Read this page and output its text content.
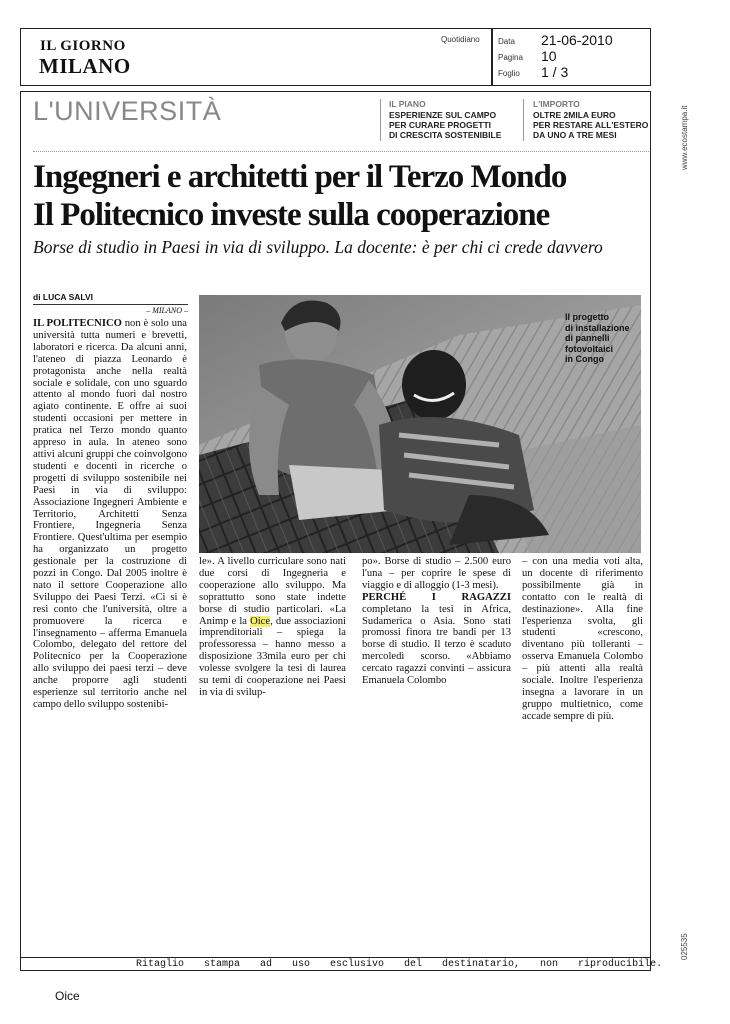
IL GIORNO
MILANO
Quotidiano Data 21-06-2010
Pagina 10
Foglio 1 / 3
www.ecostampa.it
025535
L'UNIVERSITÀ	IL PIANO
ESPERIENZE SUL CAMPO
PER CURARE PROGETTI
DI CRESCITA SOSTENIBILE
L'IMPORTO
OLTRE 2MILA EURO
PER RESTARE ALL'ESTERO
DA UNO A TRE MESI
Ingegneri e architetti per il Terzo Mondo
Il Politecnico investe sulla cooperazione
Borse di studio in Paesi in via di sviluppo. La docente: è per chi ci crede davvero
di LUCA SALVI
– MILANO –
IL POLITECNICO non è solo una università tutta numeri e brevetti, laboratori e ricerca. Da alcuni anni, l'ateneo di piazza Leonardo è protagonista anche nella realtà sociale e solidale, con uno sguardo attento al mondo fuori dal nostro agiato continente. E offre ai suoi studenti occasioni per mettere in pratica nel Terzo mondo quanto appreso in aula. In ateneo sono attivi alcuni gruppi che coinvolgono studenti e docenti in ricerche o progetti di sviluppo sostenibile nei Paesi in via di sviluppo: Associazione Ingegneri Ambiente e Territorio, Architetti Senza Frontiere, Ingegneria Senza Frontiere. Quest'ultima per esempio ha organizzato un progetto gestionale per la costruzione di pozzi in Congo. Dal 2005 inoltre è nato il settore Cooperazione allo Sviluppo dei Paesi Terzi. «Ci si è resi conto che l'università, oltre a promuovere la ricerca e l'insegnamento – afferma Emanuela Colombo, delegato del rettore del Politecnico per la Cooperazione allo sviluppo dei paesi terzi – deve anche proporre agli studenti esperienze sul territorio anche nel campo dello sviluppo sostenibi-
Il progetto
di installazione
di pannelli
fotovoltaici
in Congo
le». A livello curriculare sono nati due corsi di Ingegneria e cooperazione allo sviluppo. Ma soprattutto sono state indette borse di studio particolari. «La Animp e la Oice, due associazioni imprenditoriali – spiega la professoressa – hanno messo a disposizione 33mila euro per chi volesse svolgere la tesi di laurea su temi di cooperazione nei Paesi in via di svilup-
po». Borse di studio – 2.500 euro l'una – per coprire le spese di viaggio e di alloggio (1-3 mesi).
PERCHÉ I RAGAZZI completano la tesi in Africa, Sudamerica o Asia. Sono stati promossi finora tre bandi per 13 borse di studio. Il terzo è scaduto mercoledì scorso. «Abbiamo cercato ragazzi convinti – assicura Emanuela Colombo
– con una media voti alta, un docente di riferimento possibilmente già in contatto con le realtà di destinazione». Alla fine l'esperienza svolta, gli studenti «crescono, diventano più tolleranti – osserva Emanuela Colombo – più attenti alla realtà sociale. Inoltre l'esperienza insegna a lavorare in un gruppo multietnico, come accade sempre di più.
Ritaglio stampa ad uso esclusivo del destinatario, non riproducibile.
Oice
